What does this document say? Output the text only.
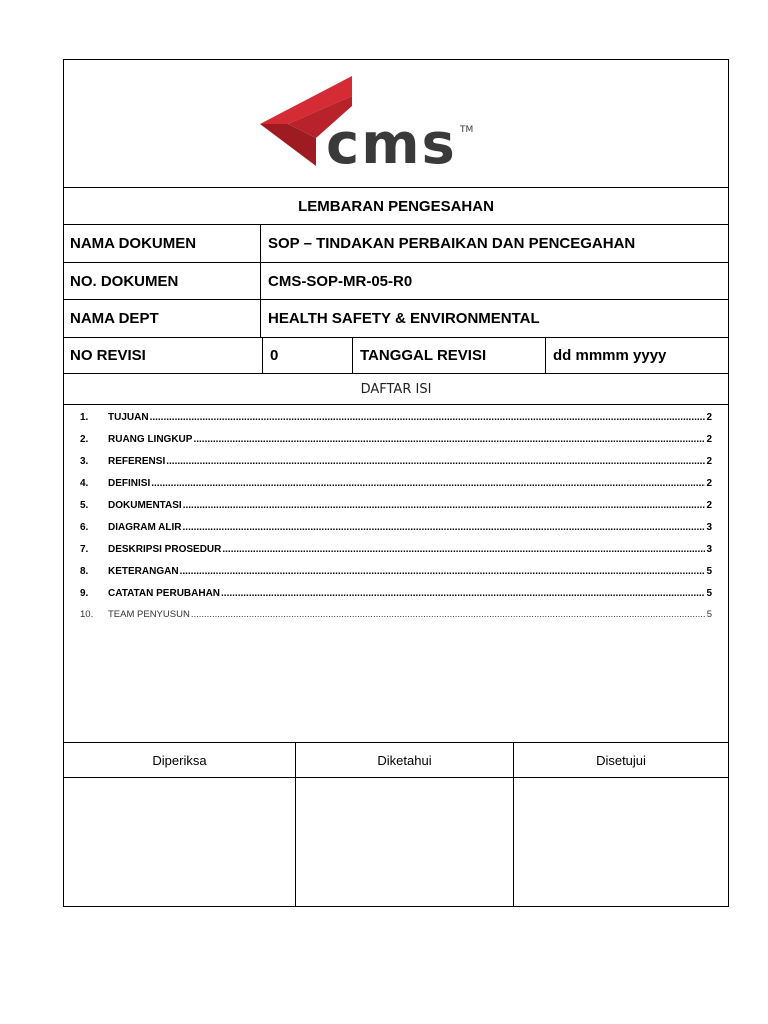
cms TM
LEMBARAN PENGESAHAN
NAMA DOKUMEN	SOP – TINDAKAN PERBAIKAN DAN PENCEGAHAN
NO. DOKUMEN	CMS-SOP-MR-05-R0
NAMA DEPT	HEALTH SAFETY & ENVIRONMENTAL
NO REVISI	0	TANGGAL REVISI	dd mmmm yyyy
DAFTAR ISI
1.	TUJUAN .....	2
2.	RUANG LINGKUP .....	2
3.	REFERENSI .....	2
4.	DEFINISI .....	2
5.	DOKUMENTASI .....	2
6.	DIAGRAM ALIR .....	3
7.	DESKRIPSI PROSEDUR .....	3
8.	KETERANGAN .....	5
9.	CATATAN PERUBAHAN .....	5
10.	TEAM PENYUSUN .....	5
Diperiksa	Diketahui	Disetujui
